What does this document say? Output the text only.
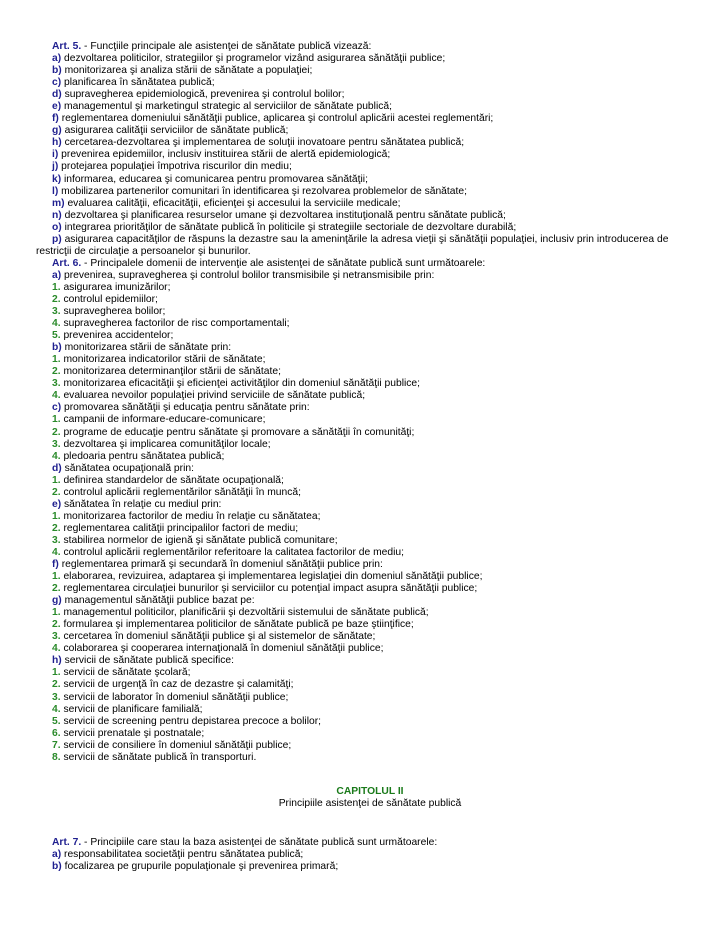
Art. 5. - Funcţiile principale ale asistenţei de sănătate publică vizează:
a) dezvoltarea politicilor, strategiilor şi programelor vizând asigurarea sănătăţii publice;
b) monitorizarea şi analiza stării de sănătate a populaţiei;
c) planificarea în sănătatea publică;
d) supravegherea epidemiologică, prevenirea şi controlul bolilor;
e) managementul şi marketingul strategic al serviciilor de sănătate publică;
f) reglementarea domeniului sănătăţii publice, aplicarea şi controlul aplicării acestei reglementări;
g) asigurarea calităţii serviciilor de sănătate publică;
h) cercetarea-dezvoltarea şi implementarea de soluţii inovatoare pentru sănătatea publică;
i) prevenirea epidemiilor, inclusiv instituirea stării de alertă epidemiologică;
j) protejarea populaţiei împotriva riscurilor din mediu;
k) informarea, educarea şi comunicarea pentru promovarea sănătăţii;
l) mobilizarea partenerilor comunitari în identificarea şi rezolvarea problemelor de sănătate;
m) evaluarea calităţii, eficacităţii, eficienţei şi accesului la serviciile medicale;
n) dezvoltarea şi planificarea resurselor umane şi dezvoltarea instituţională pentru sănătate publică;
o) integrarea priorităţilor de sănătate publică în politicile şi strategiile sectoriale de dezvoltare durabilă;
p) asigurarea capacităţilor de răspuns la dezastre sau la ameninţările la adresa vieţii şi sănătăţii populaţiei, inclusiv prin introducerea de restricţii de circulaţie a persoanelor şi bunurilor.
Art. 6. - Principalele domenii de intervenţie ale asistenţei de sănătate publică sunt următoarele:
a) prevenirea, supravegherea şi controlul bolilor transmisibile şi netransmisibile prin:
1. asigurarea imunizărilor;
2. controlul epidemiilor;
3. supravegherea bolilor;
4. supravegherea factorilor de risc comportamentali;
5. prevenirea accidentelor;
b) monitorizarea stării de sănătate prin:
1. monitorizarea indicatorilor stării de sănătate;
2. monitorizarea determinanţilor stării de sănătate;
3. monitorizarea eficacităţii şi eficienţei activităţilor din domeniul sănătăţii publice;
4. evaluarea nevoilor populaţiei privind serviciile de sănătate publică;
c) promovarea sănătăţii şi educaţia pentru sănătate prin:
1. campanii de informare-educare-comunicare;
2. programe de educaţie pentru sănătate şi promovare a sănătăţii în comunităţi;
3. dezvoltarea şi implicarea comunităţilor locale;
4. pledoaria pentru sănătatea publică;
d) sănătatea ocupaţională prin:
1. definirea standardelor de sănătate ocupaţională;
2. controlul aplicării reglementărilor sănătăţii în muncă;
e) sănătatea în relaţie cu mediul prin:
1. monitorizarea factorilor de mediu în relaţie cu sănătatea;
2. reglementarea calităţii principalilor factori de mediu;
3. stabilirea normelor de igienă şi sănătate publică comunitare;
4. controlul aplicării reglementărilor referitoare la calitatea factorilor de mediu;
f) reglementarea primară şi secundară în domeniul sănătăţii publice prin:
1. elaborarea, revizuirea, adaptarea şi implementarea legislaţiei din domeniul sănătăţii publice;
2. reglementarea circulaţiei bunurilor şi serviciilor cu potenţial impact asupra sănătăţii publice;
g) managementul sănătăţii publice bazat pe:
1. managementul politicilor, planificării şi dezvoltării sistemului de sănătate publică;
2. formularea şi implementarea politicilor de sănătate publică pe baze ştiinţifice;
3. cercetarea în domeniul sănătăţii publice şi al sistemelor de sănătate;
4. colaborarea şi cooperarea internaţională în domeniul sănătăţii publice;
h) servicii de sănătate publică specifice:
1. servicii de sănătate şcolară;
2. servicii de urgenţă în caz de dezastre şi calamităţi;
3. servicii de laborator în domeniul sănătăţii publice;
4. servicii de planificare familială;
5. servicii de screening pentru depistarea precoce a bolilor;
6. servicii prenatale şi postnatale;
7. servicii de consiliere în domeniul sănătăţii publice;
8. servicii de sănătate publică în transporturi.
CAPITOLUL II
Principiile asistenţei de sănătate publică
Art. 7. - Principiile care stau la baza asistenţei de sănătate publică sunt următoarele:
a) responsabilitatea societăţii pentru sănătatea publică;
b) focalizarea pe grupurile populaţionale şi prevenirea primară;
